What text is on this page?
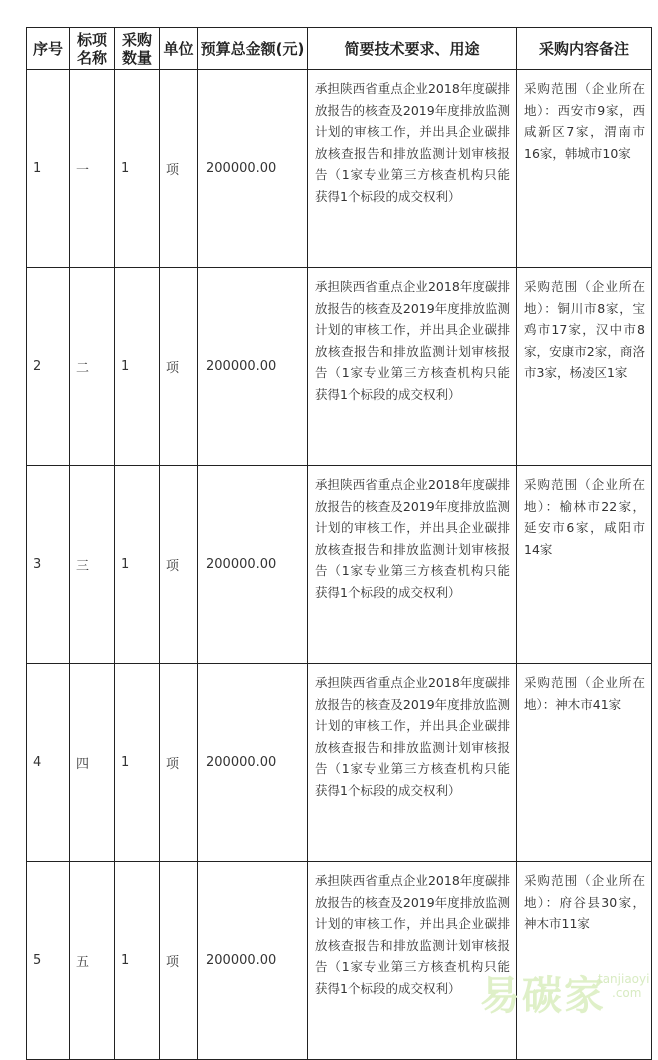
序号	标项名称	采购数量	单位	预算总金额(元)	简要技术要求、用途	采购内容备注
1	一	1	项	200000.00	承担陕西省重点企业2018年度碳排放报告的核查及2019年度排放监测计划的审核工作，并出具企业碳排放核查报告和排放监测计划审核报告（1家专业第三方核查机构只能获得1个标段的成交权利）	采购范围（企业所在地）：西安市9家，西咸新区7家，渭南市16家，韩城市10家
2	二	1	项	200000.00	承担陕西省重点企业2018年度碳排放报告的核查及2019年度排放监测计划的审核工作，并出具企业碳排放核查报告和排放监测计划审核报告（1家专业第三方核查机构只能获得1个标段的成交权利）	采购范围（企业所在地）：铜川市8家，宝鸡市17家，汉中市8家，安康市2家，商洛市3家，杨凌区1家
3	三	1	项	200000.00	承担陕西省重点企业2018年度碳排放报告的核查及2019年度排放监测计划的审核工作，并出具企业碳排放核查报告和排放监测计划审核报告（1家专业第三方核查机构只能获得1个标段的成交权利）	采购范围（企业所在地）：榆林市22家，延安市6家，咸阳市14家
4	四	1	项	200000.00	承担陕西省重点企业2018年度碳排放报告的核查及2019年度排放监测计划的审核工作，并出具企业碳排放核查报告和排放监测计划审核报告（1家专业第三方核查机构只能获得1个标段的成交权利）	采购范围（企业所在地）：神木市41家
5	五	1	项	200000.00	承担陕西省重点企业2018年度碳排放报告的核查及2019年度排放监测计划的审核工作，并出具企业碳排放核查报告和排放监测计划审核报告（1家专业第三方核查机构只能获得1个标段的成交权利）	采购范围（企业所在地）：府谷县30家，神木市11家
易碳家
tanjiaoyi
.com
